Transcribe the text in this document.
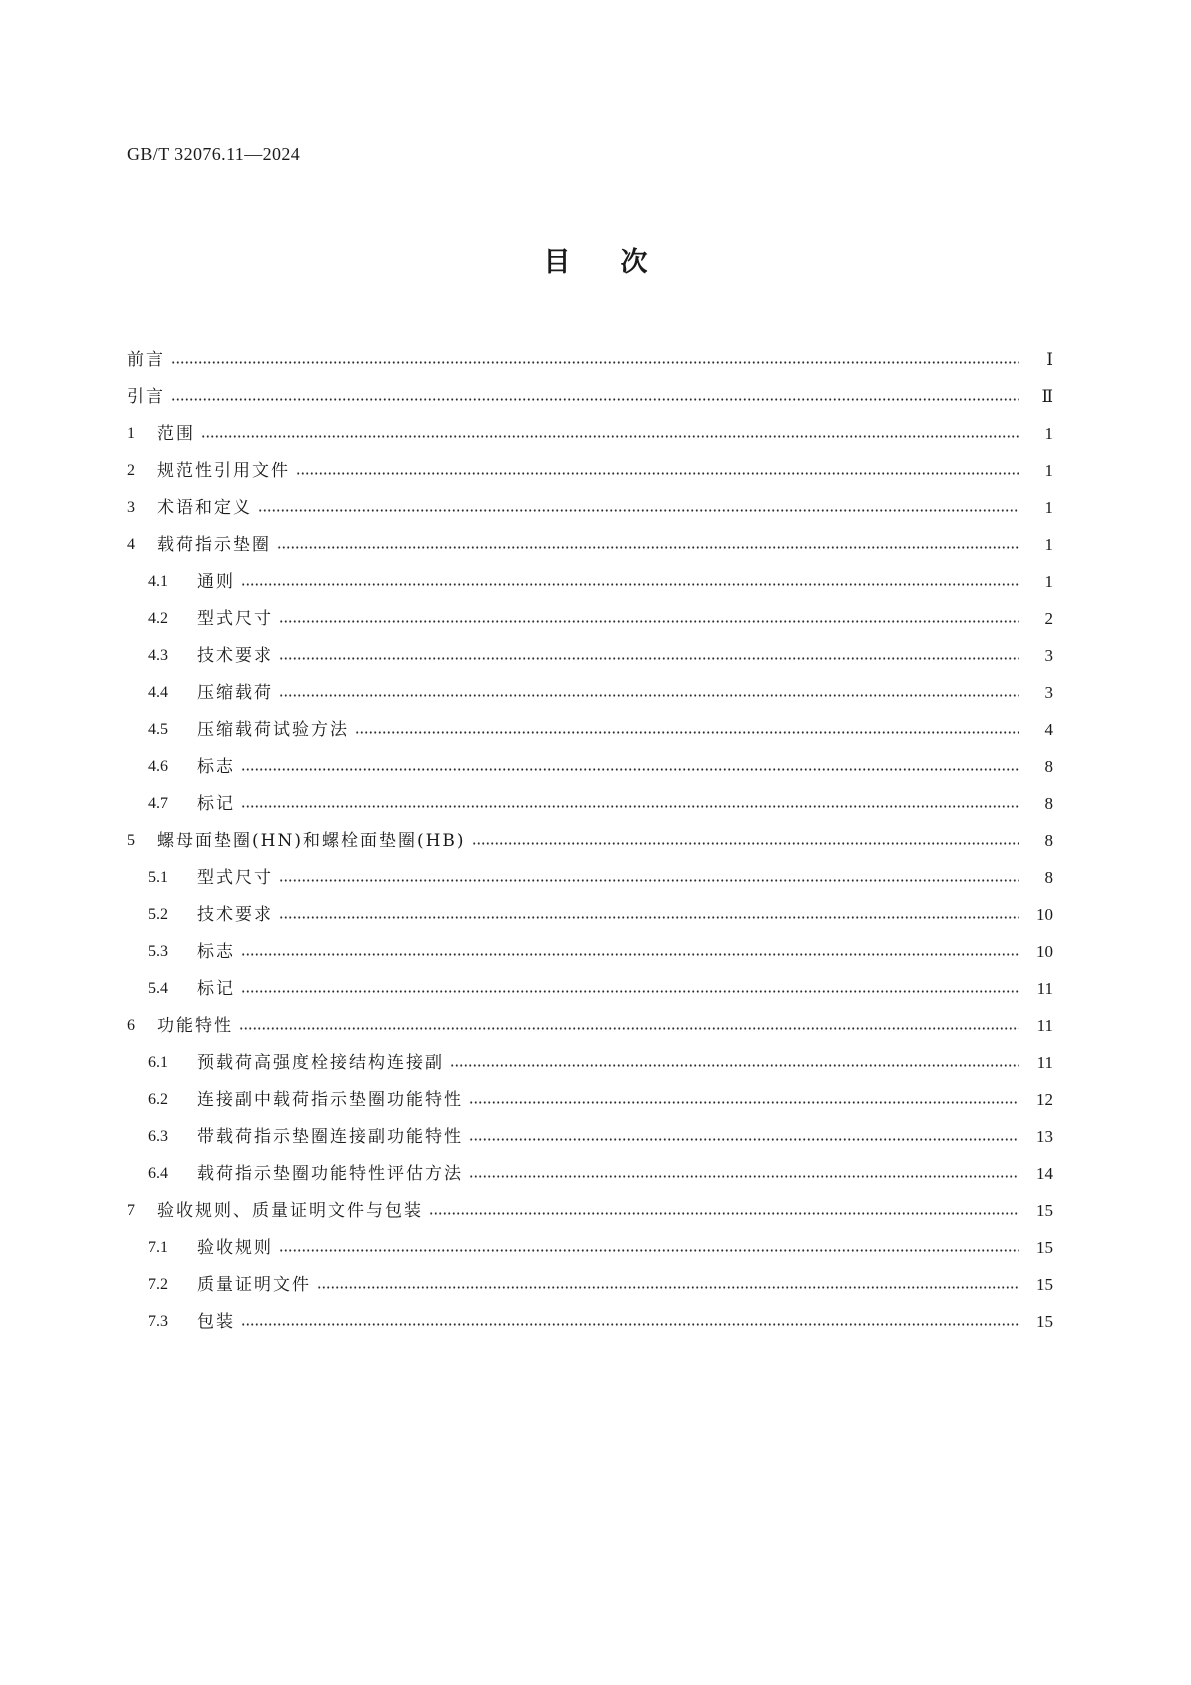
GB/T 32076.11—2024
目次
前言	Ⅰ
引言	Ⅱ
1	范围	1
2	规范性引用文件	1
3	术语和定义	1
4	载荷指示垫圈	1
4.1	通则	1
4.2	型式尺寸	2
4.3	技术要求	3
4.4	压缩载荷	3
4.5	压缩载荷试验方法	4
4.6	标志	8
4.7	标记	8
5	螺母面垫圈(HN)和螺栓面垫圈(HB)	8
5.1	型式尺寸	8
5.2	技术要求	10
5.3	标志	10
5.4	标记	11
6	功能特性	11
6.1	预载荷高强度栓接结构连接副	11
6.2	连接副中载荷指示垫圈功能特性	12
6.3	带载荷指示垫圈连接副功能特性	13
6.4	载荷指示垫圈功能特性评估方法	14
7	验收规则、质量证明文件与包装	15
7.1	验收规则	15
7.2	质量证明文件	15
7.3	包装	15
